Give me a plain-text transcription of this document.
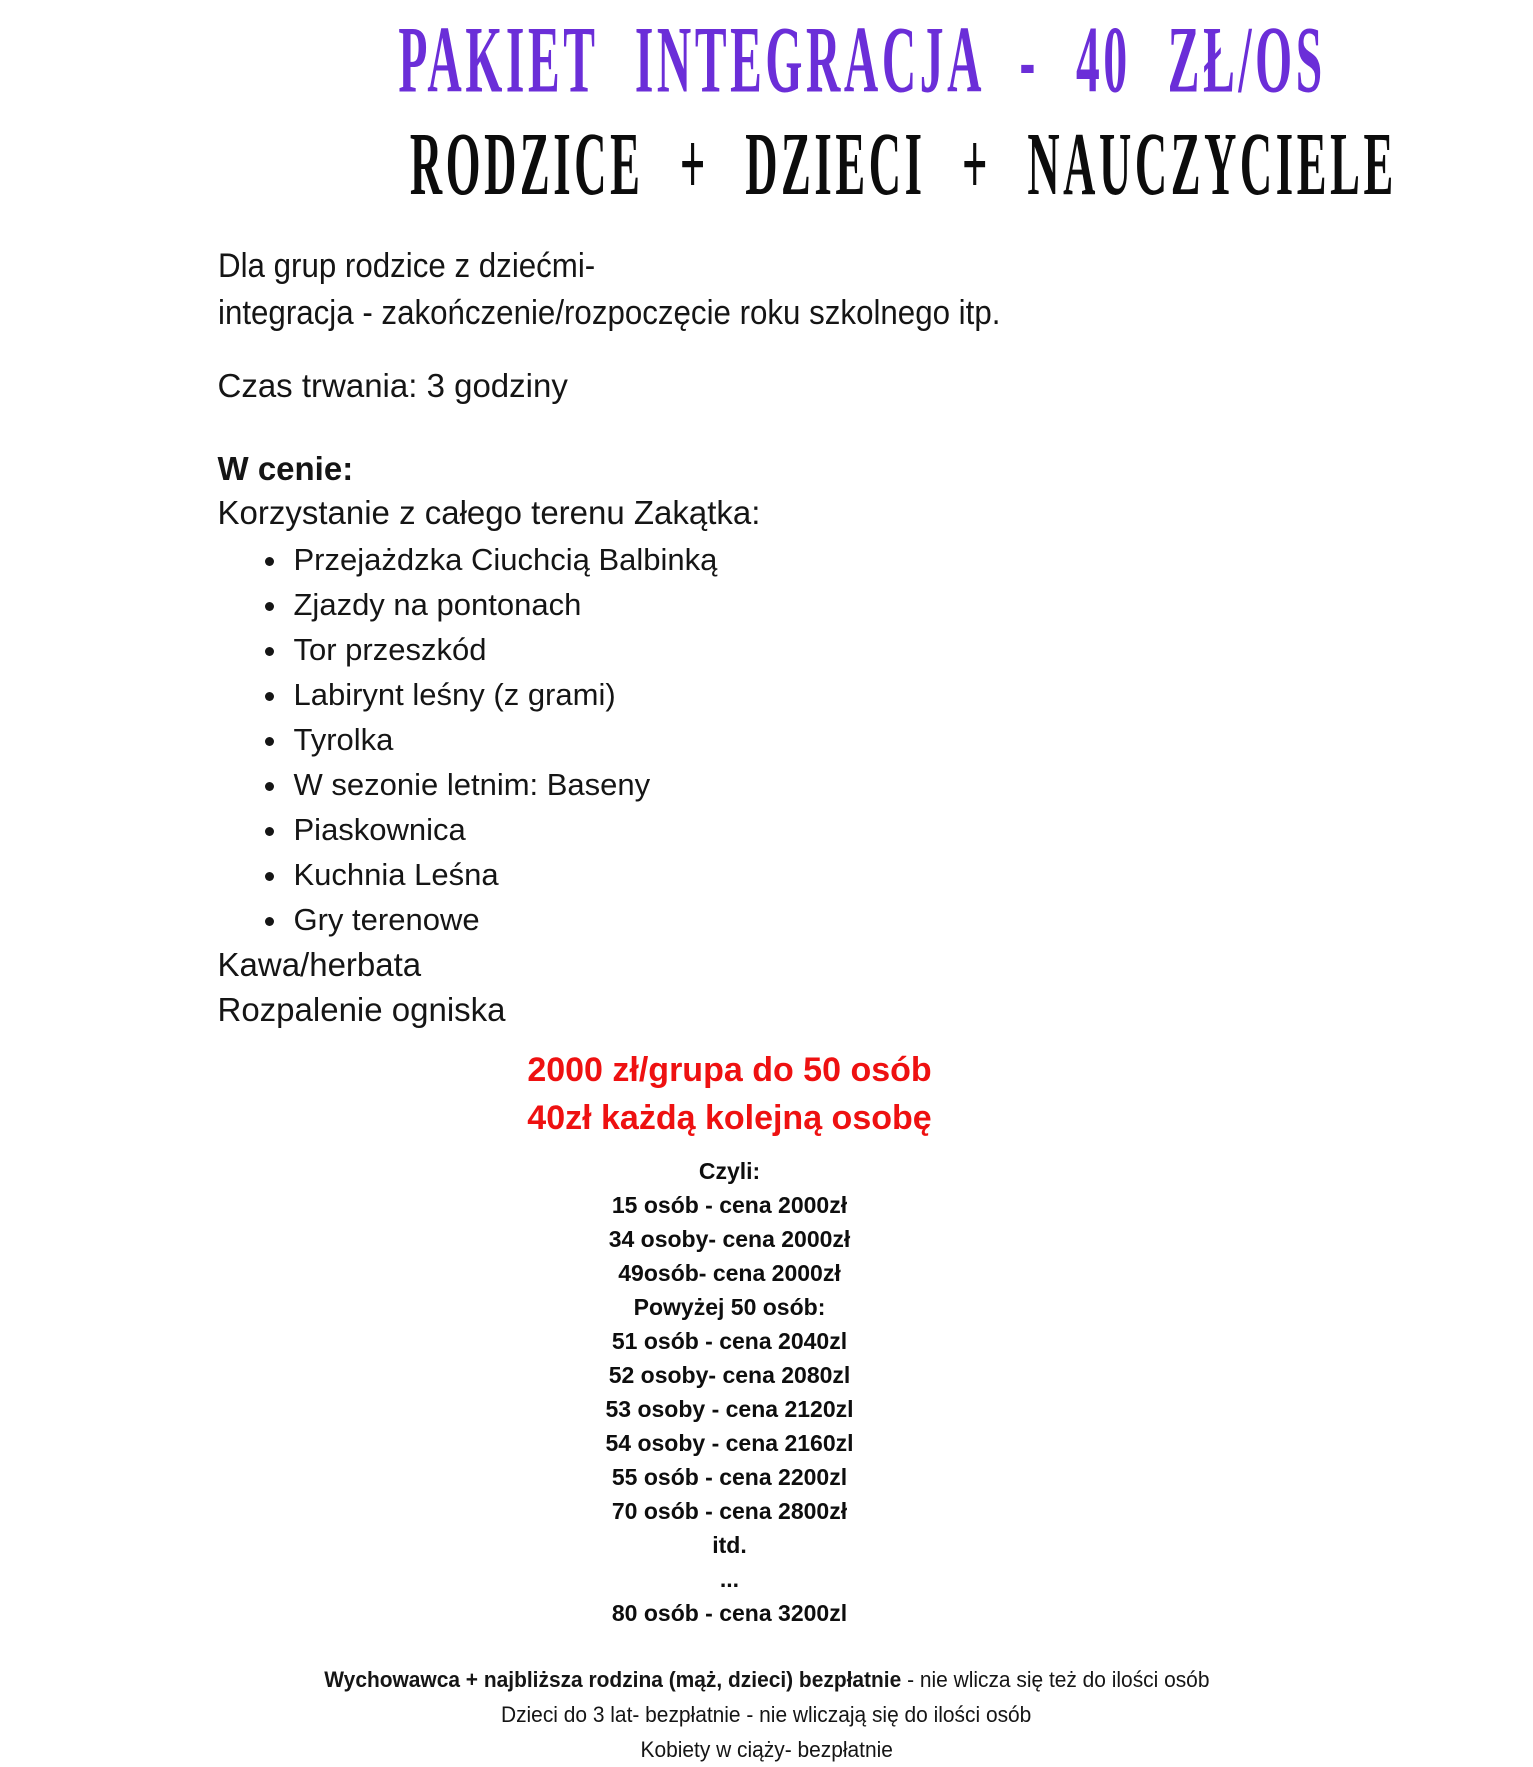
PAKIET INTEGRACJA - 40 ZŁ/OS
RODZICE + DZIECI + NAUCZYCIELE
Dla grup rodzice z dziećmi-
integracja - zakończenie/rozpoczęcie roku szkolnego itp.
Czas trwania: 3 godziny
W cenie:
Korzystanie z całego terenu Zakątka:
• Przejażdzka Ciuchcią Balbinką
• Zjazdy na pontonach
• Tor przeszkód
• Labirynt leśny (z grami)
• Tyrolka
• W sezonie letnim: Baseny
• Piaskownica
• Kuchnia Leśna
• Gry terenowe
Kawa/herbata
Rozpalenie ogniska
2000 zł/grupa do 50 osób
40zł każdą kolejną osobę
Czyli:
15 osób - cena 2000zł
34 osoby- cena 2000zł
49osób- cena 2000zł
Powyżej 50 osób:
51 osób - cena 2040zl
52 osoby- cena 2080zl
53 osoby - cena 2120zl
54 osoby - cena 2160zl
55 osób - cena 2200zl
70 osób - cena 2800zł
itd.
...
80 osób - cena 3200zl
Wychowawca + najbliższa rodzina (mąż, dzieci) bezpłatnie - nie wlicza się też do ilości osób
Dzieci do 3 lat- bezpłatnie - nie wliczają się do ilości osób
Kobiety w ciąży- bezpłatnie
